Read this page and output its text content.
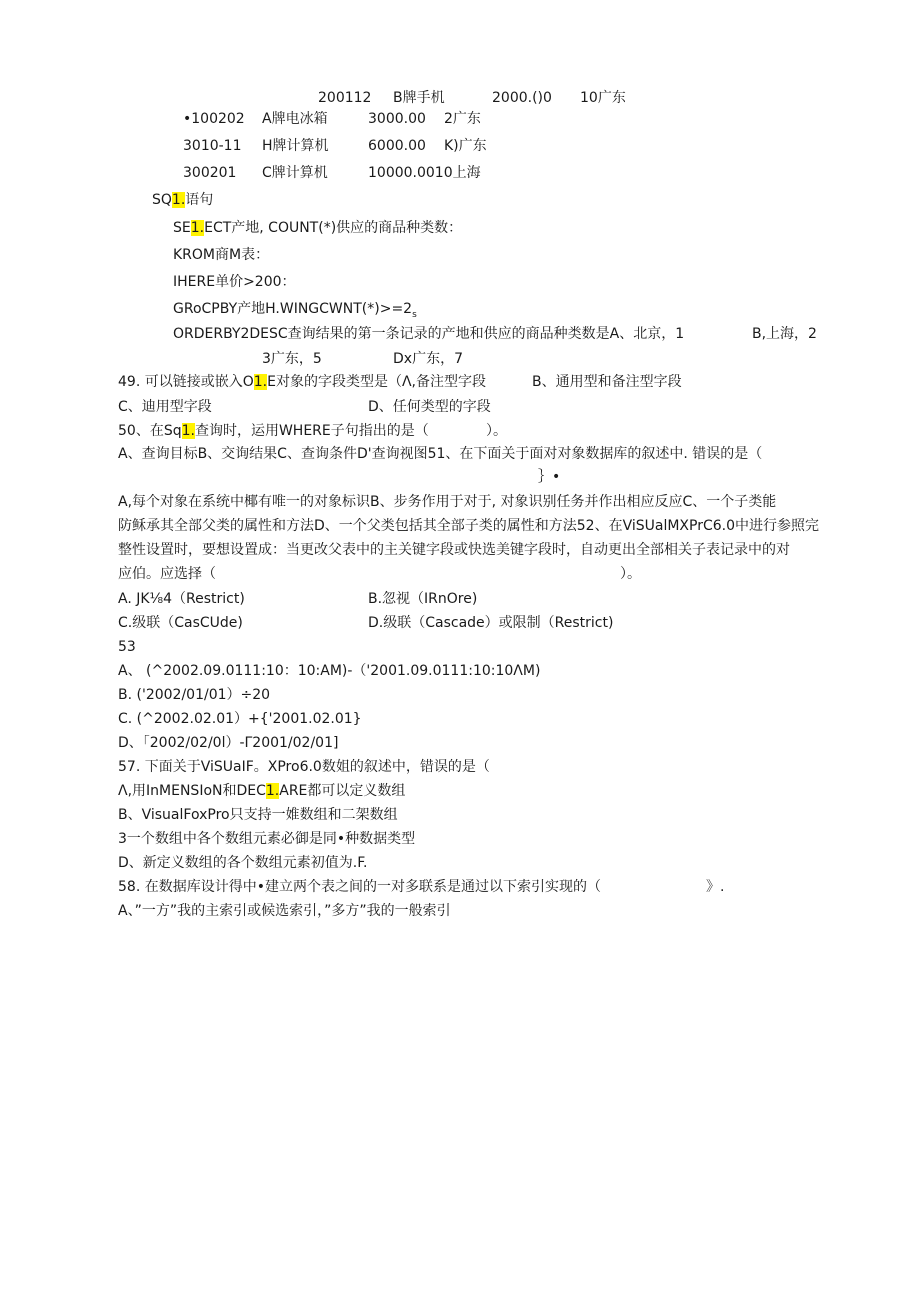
200112 B牌手机	2000.()0 10广东
•100202 A牌电冰箱	3000.00 2广东
3010-11 H牌计算机	6000.00 K)广东
300201 C牌计算机	10000.0010上海
SQ1.语句
SE1.ECT产地, COUNT(*)供应的商品种类数：
KROM商M表：
IHERE单价>200：
GRoCPBY产地$H.WINGCWNT(*)>=2_s$
ORDERBY2DESC查询结果的第一条记录的产地和供应的商品种类数是A、北京，1	B,上海，2
3广东，5	Dx广东，7
49. 可以链接或嵌入O1.E对象的字段类型是（Λ,备注型字段	B、通用型和备注型字段
C、迪用型字段	D、任何类型的字段
50、在Sq1.查询时，运用WHERE子句指出的是（	）。
A、查询目标B、交询结果C、查询条件D'查询视图51、在下面关于面对对象数据库的叙述中. 错误的是（
｝•
A,每个对象在系统中椰有唯一的对象标识B、步务作用于对于, 对象识别任务并作出相应反应C、一个子类能
防稣承其全部父类的属性和方法D、一个父类包括其全部子类的属性和方法52、在ViSUalMXPrC6.0中进行参照完
整性设置时，要想设置成：当更改父表中的主关键字段或快选美键字段时，自动更出全部相关子表记录中的对
应伯。应选择（	）。
A. JK⅛4（Restrict)	B.忽视（IRnOre)
C.级联（CasCUde)	D.级联（Cascade）或限制（Restrict)
53
A、 (^2002.09.0111:10：10:AM)-（'2001.09.0111:10:10ΛM)
B. ('2002/01/01）÷20
C. (^2002.02.01）+{'2001.02.01}
D、「2002/02/0l）-Γ2001/02/01]
57. 下面关于ViSUaIF。XPro6.0数姐的叙述中，错误的是（
Λ,用InMENSIoN和DEC1.ARE都可以定义数组
B、VisualFoxPro只支持一婎数组和二架数组
3一个数组中各个数组元素必御是同•种数据类型
D、新定义数组的各个数组元素初值为.F.
58. 在数据库设计得中•建立两个表之间的一对多联系是通过以下索引实现的（	》.
A、”一方”我的主索引或候选索引，”多方”我的一般索引
